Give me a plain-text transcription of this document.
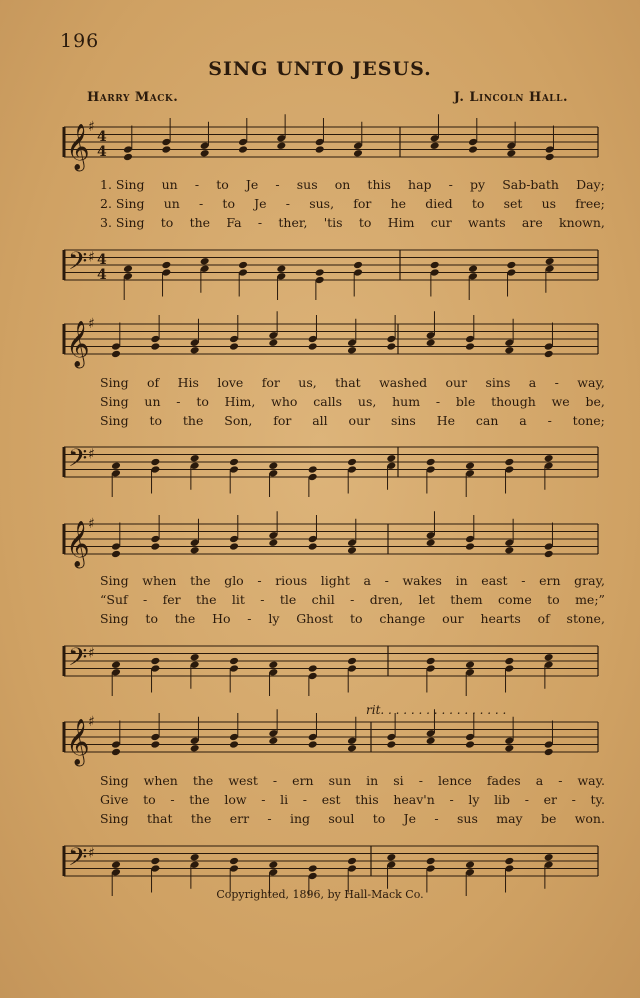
196
SING UNTO JESUS.
Harry Mack.	J. Lincoln Hall.
𝄞
♯
4
4
𝄢 ♯ 4
4
1. Sing un - to Je - sus on this hap - py Sab-bath Day;
2. Sing un - to Je - sus, for he died to set us free;
3. Sing to the Fa - ther, 'tis to Him cur wants are known,
𝄞
♯
𝄢 ♯
Sing of His love for us, that washed our sins a - way,
Sing un - to Him, who calls us, hum - ble though we be,
Sing to the Son, for all our sins He can a - tone;
𝄞
♯
𝄢 ♯
Sing when the glo - rious light a - wakes in east - ern gray,
“Suf - fer the lit - tle chil - dren, let them come to me;”
Sing to the Ho - ly Ghost to change our hearts of stone,
𝄞
♯
𝄢 ♯
Sing when the west - ern sun in si - lence fades a - way.
Give to - the low - li - est this heav'n - ly lib - er - ty.
Sing that the err - ing soul to Je - sus may be won.
rit. . . . . . . . . . . . . . . . .
Copyrighted, 1896, by Hall-Mack Co.
